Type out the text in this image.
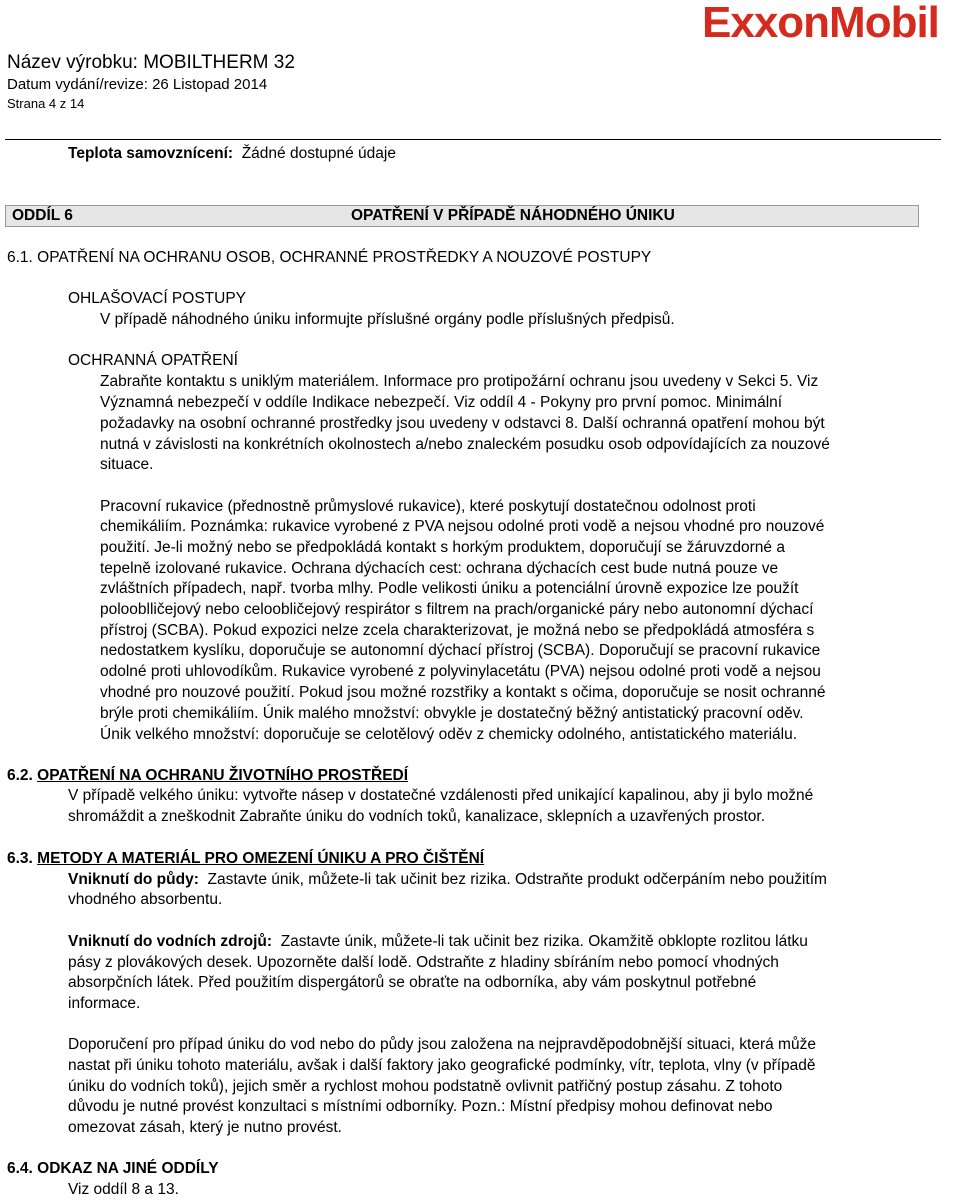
ExxonMobil
Název výrobku: MOBILTHERM 32
Datum vydání/revize: 26 Listopad 2014
Strana 4 z 14
Teplota samovznícení: Žádné dostupné údaje
ODDÍL 6	OPATŘENÍ V PŘÍPADĚ NÁHODNÉHO ÚNIKU
6.1. OPATŘENÍ NA OCHRANU OSOB, OCHRANNÉ PROSTŘEDKY A NOUZOVÉ POSTUPY
OHLAŠOVACÍ POSTUPY
V případě náhodného úniku informujte příslušné orgány podle příslušných předpisů.
OCHRANNÁ OPATŘENÍ
Zabraňte kontaktu s uniklým materiálem. Informace pro protipožární ochranu jsou uvedeny v Sekci 5. Viz
Významná nebezpečí v oddíle Indikace nebezpečí. Viz oddíl 4 - Pokyny pro první pomoc. Minimální
požadavky na osobní ochranné prostředky jsou uvedeny v odstavci 8. Další ochranná opatření mohou být
nutná v závislosti na konkrétních okolnostech a/nebo znaleckém posudku osob odpovídajících za nouzové
situace.
Pracovní rukavice (přednostně průmyslové rukavice), které poskytují dostatečnou odolnost proti
chemikáliím. Poznámka: rukavice vyrobené z PVA nejsou odolné proti vodě a nejsou vhodné pro nouzové
použití. Je-li možný nebo se předpokládá kontakt s horkým produktem, doporučují se žáruvzdorné a
tepelně izolované rukavice. Ochrana dýchacích cest: ochrana dýchacích cest bude nutná pouze ve
zvláštních případech, např. tvorba mlhy. Podle velikosti úniku a potenciální úrovně expozice lze použít
polooblličejový nebo celoobličejový respirátor s filtrem na prach/organické páry nebo autonomní dýchací
přístroj (SCBA). Pokud expozici nelze zcela charakterizovat, je možná nebo se předpokládá atmosféra s
nedostatkem kyslíku, doporučuje se autonomní dýchací přístroj (SCBA). Doporučují se pracovní rukavice
odolné proti uhlovodíkům. Rukavice vyrobené z polyvinylacetátu (PVA) nejsou odolné proti vodě a nejsou
vhodné pro nouzové použití. Pokud jsou možné rozstřiky a kontakt s očima, doporučuje se nosit ochranné
brýle proti chemikáliím. Únik malého množství: obvykle je dostatečný běžný antistatický pracovní oděv.
Únik velkého množství: doporučuje se celotělový oděv z chemicky odolného, antistatického materiálu.
6.2. OPATŘENÍ NA OCHRANU ŽIVOTNÍHO PROSTŘEDÍ
V případě velkého úniku: vytvořte násep v dostatečné vzdálenosti před unikající kapalinou, aby ji bylo možné
shromáždit a zneškodnit Zabraňte úniku do vodních toků, kanalizace, sklepních a uzavřených prostor.
6.3. METODY A MATERIÁL PRO OMEZENÍ ÚNIKU A PRO ČIŠTĚNÍ
Vniknutí do půdy: Zastavte únik, můžete-li tak učinit bez rizika. Odstraňte produkt odčerpáním nebo použitím
vhodného absorbentu.
Vniknutí do vodních zdrojů: Zastavte únik, můžete-li tak učinit bez rizika. Okamžitě obklopte rozlitou látku
pásy z plovákových desek. Upozorněte další lodě. Odstraňte z hladiny sbíráním nebo pomocí vhodných
absorpčních látek. Před použitím dispergátorů se obraťte na odborníka, aby vám poskytnul potřebné
informace.
Doporučení pro případ úniku do vod nebo do půdy jsou založena na nejpravděpodobnější situaci, která může
nastat při úniku tohoto materiálu, avšak i další faktory jako geografické podmínky, vítr, teplota, vlny (v případě
úniku do vodních toků), jejich směr a rychlost mohou podstatně ovlivnit patřičný postup zásahu. Z tohoto
důvodu je nutné provést konzultaci s místními odborníky. Pozn.: Místní předpisy mohou definovat nebo
omezovat zásah, který je nutno provést.
6.4. ODKAZ NA JINÉ ODDÍLY
Viz oddíl 8 a 13.
